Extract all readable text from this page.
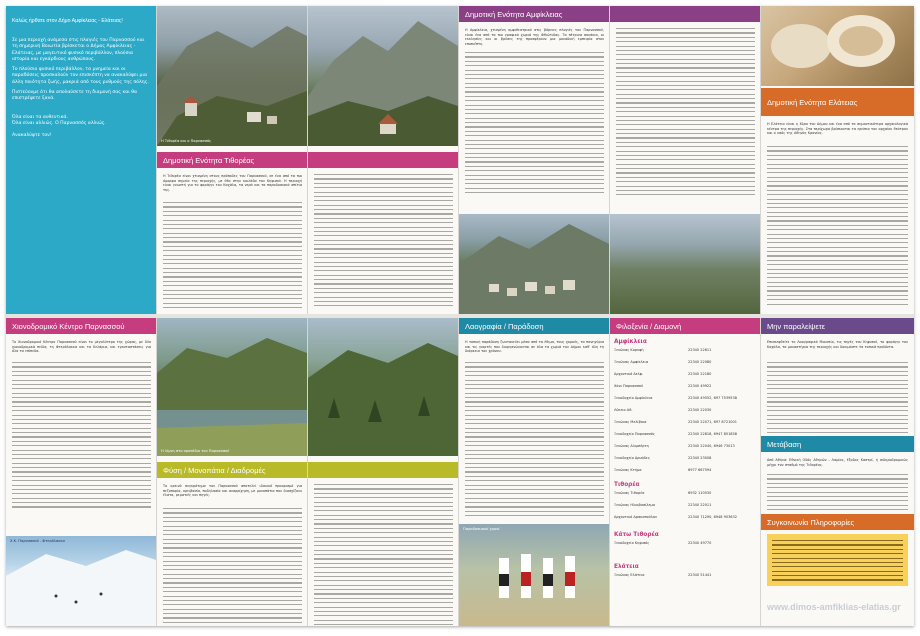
Καλώς ήρθατε στον Δήμο Αμφίκλειας - Ελάτειας!

Σε μια περιοχή ανάμεσα στις πλαγιές του Παρνασσού και τη σημερινή Βοιωτία βρίσκεται ο Δήμος Αμφίκλειας - Ελάτειας, με μαγευτικό φυσικό περιβάλλον, πλούσια ιστορία και εγκάρδιους ανθρώπους.

Το πλούσιο φυσικό περιβάλλον, τα μνημεία και οι παραδόσεις προσκαλούν τον επισκέπτη να ανακαλύψει μια άλλη ποιότητα ζωής, μακριά από τους ρυθμούς της πόλης.

Πιστεύουμε ότι θα απολαύσετε τη διαμονή σας και θα επιστρέψετε ξανά.

Όλα είναι τα αυθεντικά.

Όλα είναι αλλιώς. Ο Παρνασσός αλλιώς.

Ανακαλύψτε τον!

Η Τιθορέα και ο Παρνασσός
Δημοτική Ενότητα Τιθορέας
Η Τιθορέα είναι χτισμένη στους πρόποδες του Παρνασσού, σε ένα από τα πιο όμορφα σημεία της περιοχής, με θέα στην κοιλάδα του Κηφισού. Η περιοχή είναι γνωστή για το φαράγγι του Καχάλα, τα νερά και τα παραδοσιακά σπίτια της.
Δημοτική Ενότητα Αμφίκλειας
Η Αμφίκλεια, χτισμένη αμφιθεατρικά στις βόρειες πλαγιές του Παρνασσού, είναι ένα από τα πιο γραφικά χωριά της Φθιώτιδας. Τα πέτρινα σοκάκια, οι εκκλησίες και οι βρύσες της προσφέρουν μια μοναδική εμπειρία στον επισκέπτη.
Δημοτική Ενότητα Ελάτειας
Η Ελάτεια είναι η έδρα του Δήμου και ένα από τα σημαντικότερα αρχαιολογικά κέντρα της περιοχής. Στα περίχωρα βρίσκονται τα ερείπια του αρχαίου θεάτρου και ο ναός της Αθηνάς Κρανίας.
Χιονοδρομικό Κέντρο Παρνασσού
Το Χιονοδρομικό Κέντρο Παρνασσού είναι το μεγαλύτερο της χώρας, με δύο χιονοδρομικά πεδία, τη Φτερόλακκα και τα Κελάρια, και εγκαταστάσεις για όλα τα επίπεδα.
Χ.Κ. Παρνασσού - Φτερόλακκα
Η λίμνη στο οροπέδιο του Παρνασσού
Φύση / Μονοπάτια / Διαδρομές
Το ορεινό συγκρότημα του Παρνασσού αποτελεί ιδανικό προορισμό για πεζοπορία, ορειβασία, ποδηλασία και αναρρίχηση, με μονοπάτια που διασχίζουν έλατα, ρεματιές και πηγές.
Λαογραφία / Παράδοση
Η τοπική παράδοση ζωντανεύει μέσα από τα έθιμα, τους χορούς, τα πανηγύρια και τις γιορτές που διοργανώνονται σε όλα τα χωριά του Δήμου καθ' όλη τη διάρκεια του χρόνου.
Παραδοσιακοί χοροί
Φιλοξενία / Διαμονή
Αμφίκλεια
Ξενώνας Κορυφή	22340 22611
Ξενώνας Αμφίκλεια	22340 22080
Αρχοντικό Δελφ.	22340 22180
Χάνι Παρνασσού	22340 49922
Ξενοδοχείο Αμφίκλεια	22340 49552, 697 7539538
Λύκειο Αθ.	22340 22030
Ξενώνας Μελίβοια	22340 22071, 697 8721001
Ξενοδοχείο Παρνασσός	22340 22818, 6947 801858
Ξενώνας Αλιμπέρτη	22340 22040, 6946 73013
Ξενοδοχείο Δρυάδες	22340 23008
Ξενώνας Κτήμα	6977 667594
Τιθορέα
Ξενώνας Τιθορέα	6932 110530
Ξενώνας Ηλιοβασίλεμα	22340 22011
Αρχοντικό Δρακοπούλου	22340 71290, 6948 903632
Κάτω Τιθορέα
Ξενοδοχείο Κηφισός	22340 49770
Ελάτεια
Ξενώνας Ελάτεια	22340 51441
Μην παραλείψετε
Επισκεφθείτε το Λαογραφικό Μουσείο, τις πηγές του Κηφισού, το φαράγγι του Καχάλα, τα μοναστήρια της περιοχής και δοκιμάστε τα τοπικά προϊόντα.
Μετάβαση
Από Αθήνα: Εθνική Οδός Αθηνών - Λαμίας, έξοδος Καστρί, ή σιδηροδρομικώς μέχρι τον σταθμό της Τιθορέας.
Συγκοινωνία Πληροφορίες
www.dimos-amfiklias-elatias.gr
